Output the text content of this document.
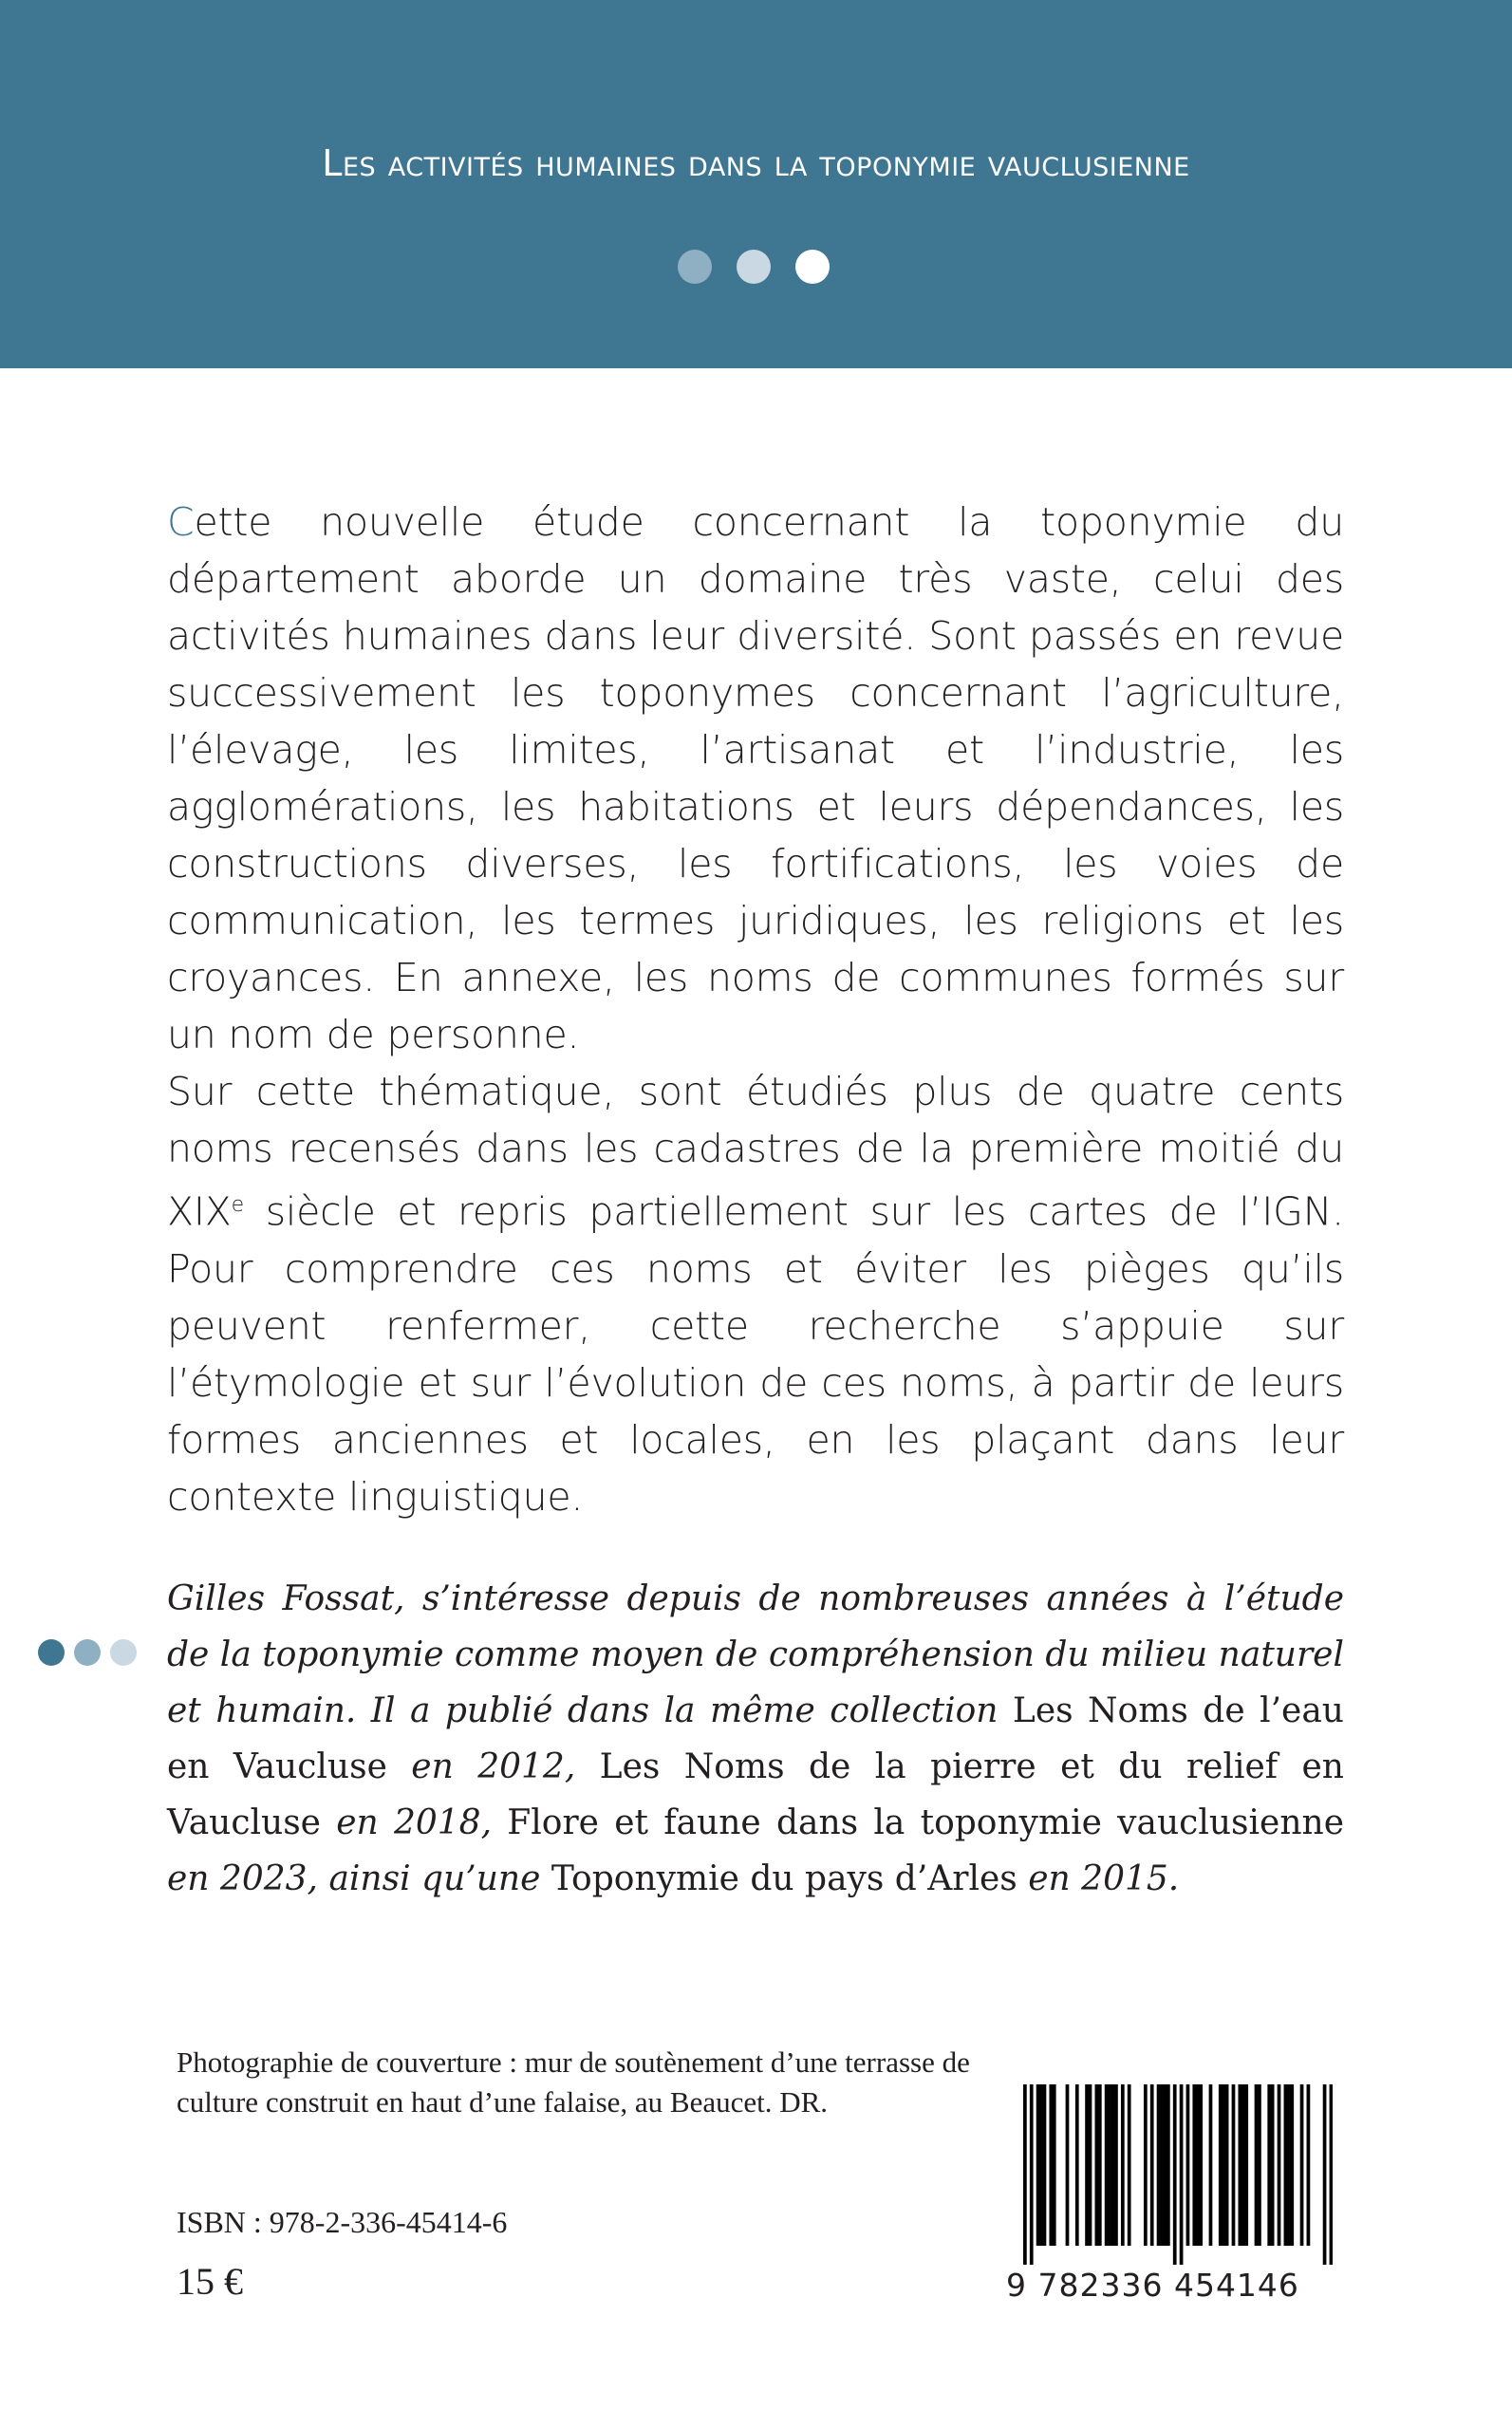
Les activités humaines dans la toponymie vauclusienne

Cette nouvelle étude concernant la toponymie du département aborde un domaine très vaste, celui des activités humaines dans leur diversité. Sont passés en revue successivement les toponymes concernant l’agriculture, l’élevage, les limites, l’artisanat et l’industrie, les agglomérations, les habitations et leurs dépendances, les constructions diverses, les fortifications, les voies de communication, les termes juridiques, les religions et les croyances. En annexe, les noms de communes formés sur un nom de personne.

Sur cette thématique, sont étudiés plus de quatre cents noms recensés dans les cadastres de la première moitié du XIXe siècle et repris partiellement sur les cartes de l’IGN. Pour comprendre ces noms et éviter les pièges qu’ils peuvent renfermer, cette recherche s’appuie sur l’étymologie et sur l’évolution de ces noms, à partir de leurs formes anciennes et locales, en les plaçant dans leur contexte linguistique.

Gilles Fossat, s’intéresse depuis de nombreuses années à l’étude de la toponymie comme moyen de compréhension du milieu naturel et humain. Il a publié dans la même collection Les Noms de l’eau en Vaucluse en 2012, Les Noms de la pierre et du relief en Vaucluse en 2018, Flore et faune dans la toponymie vauclusienne en 2023, ainsi qu’une Toponymie du pays d’Arles en 2015.
Photographie de couverture : mur de soutènement d’une terrasse de culture construit en haut d’une falaise, au Beaucet. DR.
ISBN : 978-2-336-45414-6
15 €	9 782336 454146
